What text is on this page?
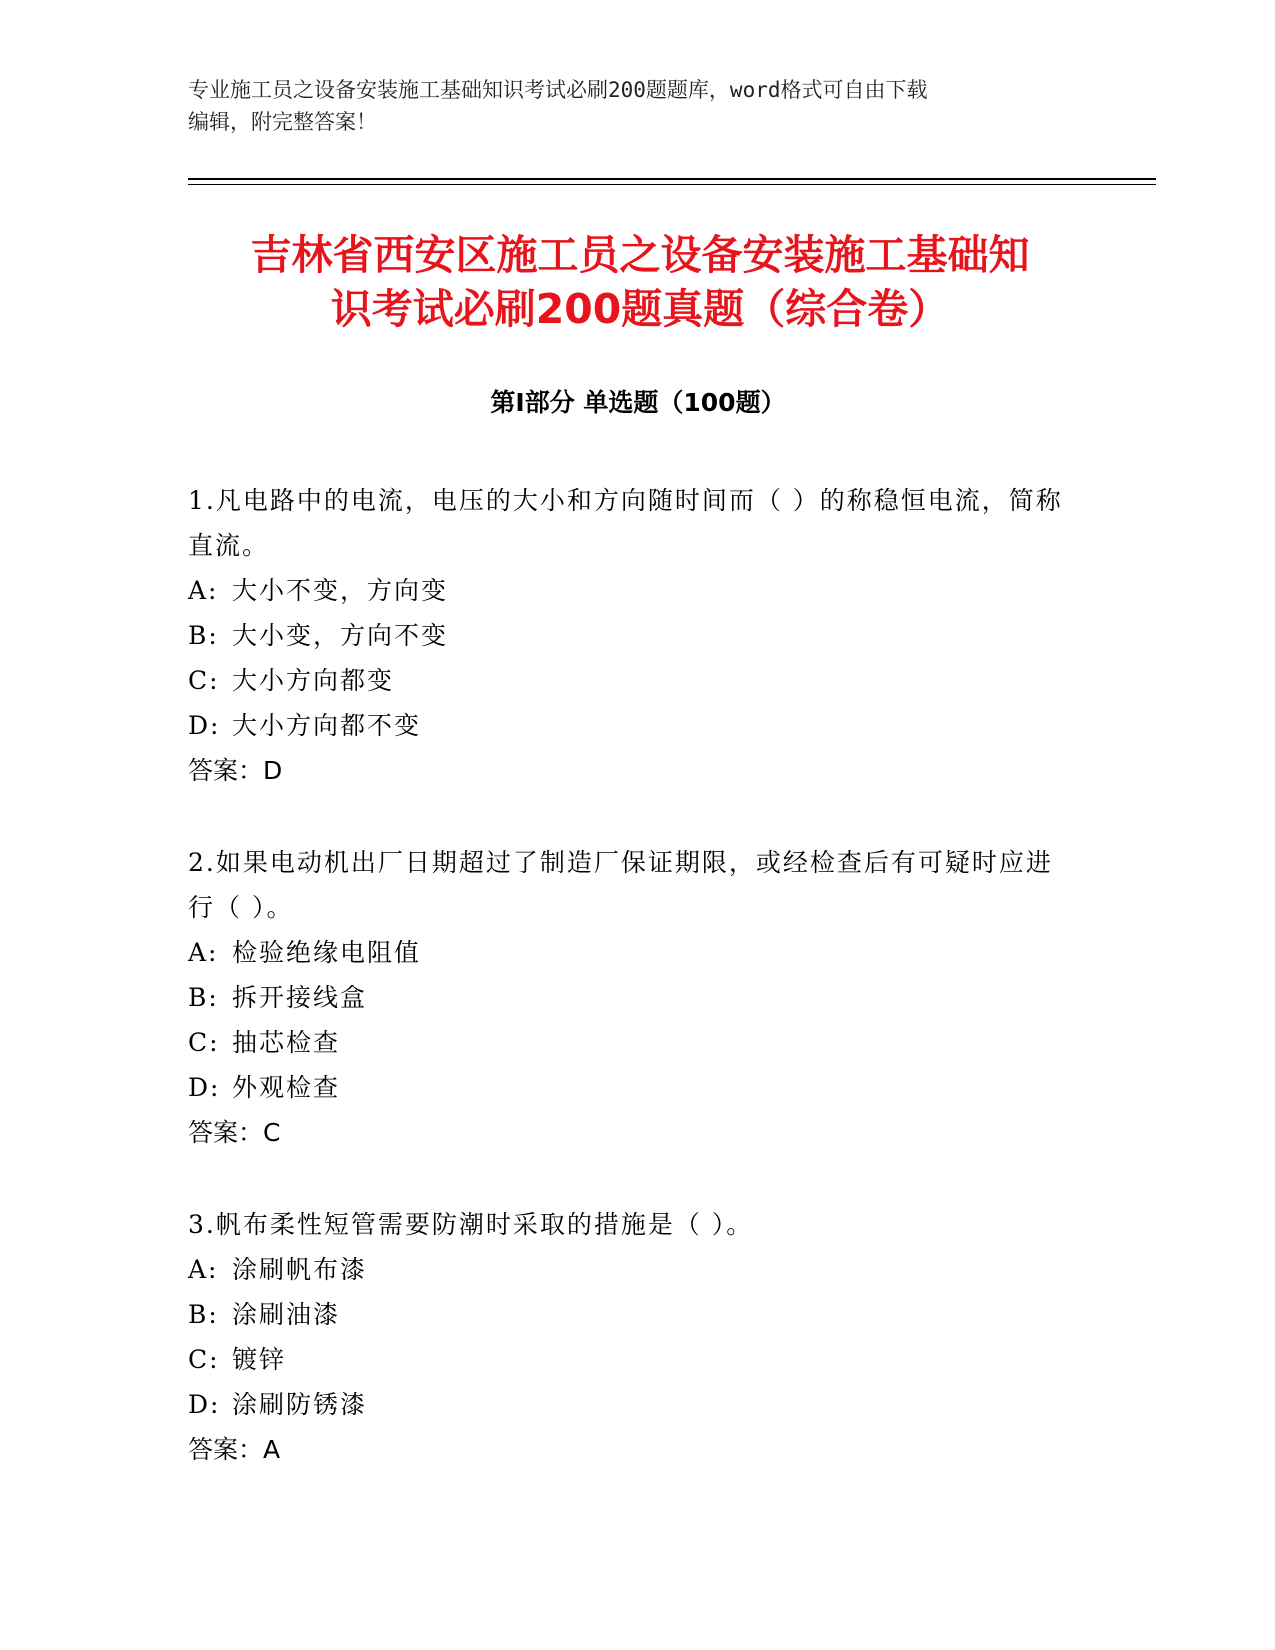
专业施工员之设备安装施工基础知识考试必刷200题题库，word格式可自由下载
编辑，附完整答案！
吉林省西安区施工员之设备安装施工基础知
识考试必刷200题真题（综合卷）
第Ⅰ部分 单选题（100题）
1.凡电路中的电流，电压的大小和方向随时间而（ ）的称稳恒电流，简称直流。
A: 大小不变，方向变
B: 大小变，方向不变
C: 大小方向都变
D: 大小方向都不变
答案：D
2.如果电动机出厂日期超过了制造厂保证期限，或经检查后有可疑时应进行（ ）。
A: 检验绝缘电阻值
B: 拆开接线盒
C: 抽芯检查
D: 外观检查
答案：C
3.帆布柔性短管需要防潮时采取的措施是（ ）。
A: 涂刷帆布漆
B: 涂刷油漆
C: 镀锌
D: 涂刷防锈漆
答案：A
